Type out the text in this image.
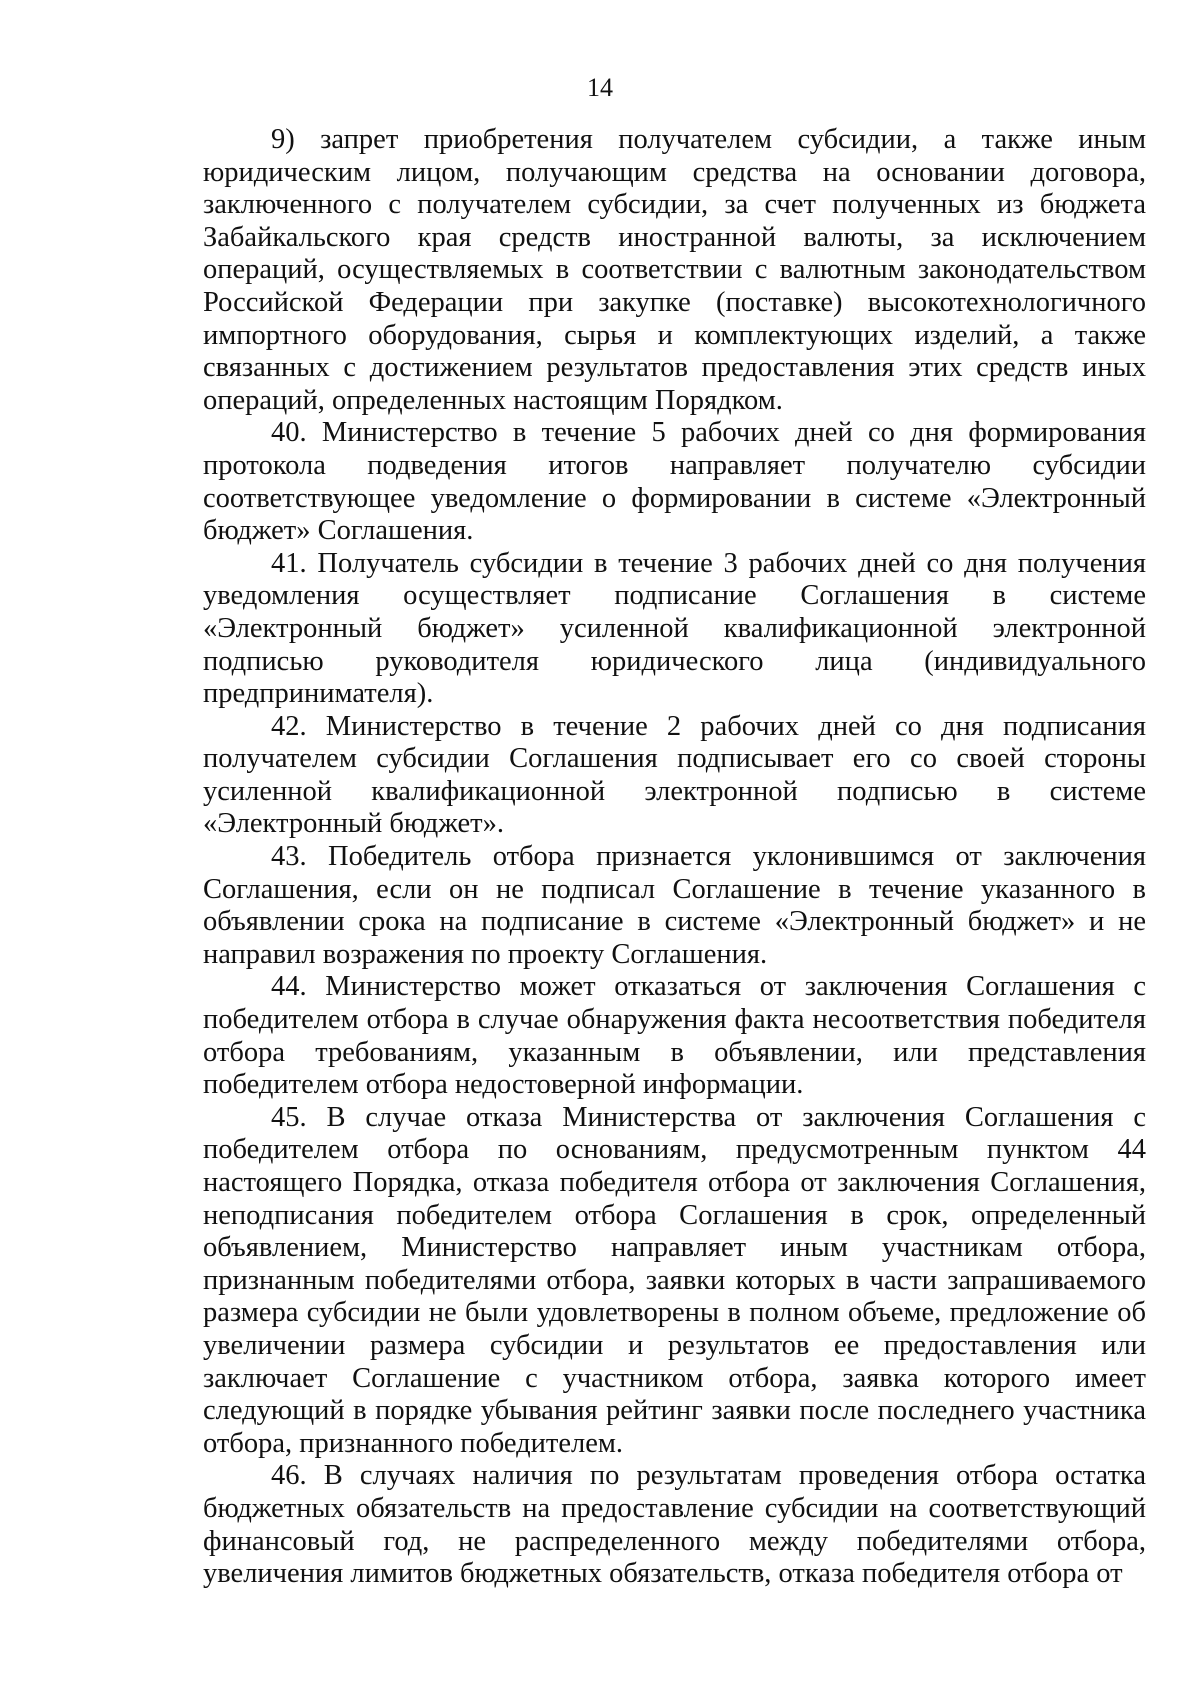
14

9) запрет приобретения получателем субсидии, а также иным юридическим лицом, получающим средства на основании договора, заключенного с получателем субсидии, за счет полученных из бюджета Забайкальского края средств иностранной валюты, за исключением операций, осуществляемых в соответствии с валютным законодательством Российской Федерации при закупке (поставке) высокотехнологичного импортного оборудования, сырья и комплектующих изделий, а также связанных с достижением результатов предоставления этих средств иных операций, определенных настоящим Порядком.

40. Министерство в течение 5 рабочих дней со дня формирования протокола подведения итогов направляет получателю субсидии соответствующее уведомление о формировании в системе «Электронный бюджет» Соглашения.

41. Получатель субсидии в течение 3 рабочих дней со дня получения уведомления осуществляет подписание Соглашения в системе «Электронный бюджет» усиленной квалификационной электронной подписью руководителя юридического лица (индивидуального предпринимателя).

42. Министерство в течение 2 рабочих дней со дня подписания получателем субсидии Соглашения подписывает его со своей стороны усиленной квалификационной электронной подписью в системе «Электронный бюджет».

43. Победитель отбора признается уклонившимся от заключения Соглашения, если он не подписал Соглашение в течение указанного в объявлении срока на подписание в системе «Электронный бюджет» и не направил возражения по проекту Соглашения.

44. Министерство может отказаться от заключения Соглашения с победителем отбора в случае обнаружения факта несоответствия победителя отбора требованиям, указанным в объявлении, или представления победителем отбора недостоверной информации.

45. В случае отказа Министерства от заключения Соглашения с победителем отбора по основаниям, предусмотренным пунктом 44 настоящего Порядка, отказа победителя отбора от заключения Соглашения, неподписания победителем отбора Соглашения в срок, определенный объявлением, Министерство направляет иным участникам отбора, признанным победителями отбора, заявки которых в части запрашиваемого размера субсидии не были удовлетворены в полном объеме, предложение об увеличении размера субсидии и результатов ее предоставления или заключает Соглашение с участником отбора, заявка которого имеет следующий в порядке убывания рейтинг заявки после последнего участника отбора, признанного победителем.

46. В случаях наличия по результатам проведения отбора остатка бюджетных обязательств на предоставление субсидии на соответствующий финансовый год, не распределенного между победителями отбора, увеличения лимитов бюджетных обязательств, отказа победителя отбора от
